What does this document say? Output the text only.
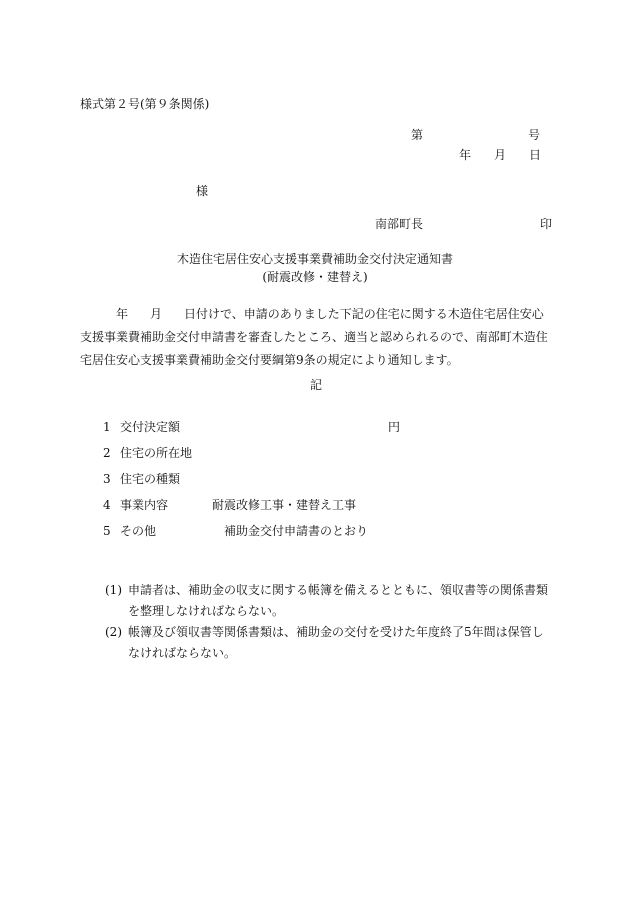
様式第２号(第９条関係)
第	号
年 月 日
様
南部町長	印
木造住宅居住安心支援事業費補助金交付決定通知書
(耐震改修・建替え)
年 月 日付けで、申請のありました下記の住宅に関する木造住宅居住安心支援事業費補助金交付申請書を審査したところ、適当と認められるので、南部町木造住宅居住安心支援事業費補助金交付要綱第9条の規定により通知します。
記
1 交付決定額	円
2 住宅の所在地
3 住宅の種類
4 事業内容	耐震改修工事・建替え工事
5 その他	補助金交付申請書のとおり
(1) 申請者は、補助金の収支に関する帳簿を備えるとともに、領収書等の関係書類を整理しなければならない。
(2) 帳簿及び領収書等関係書類は、補助金の交付を受けた年度終了5年間は保管しなければならない。
